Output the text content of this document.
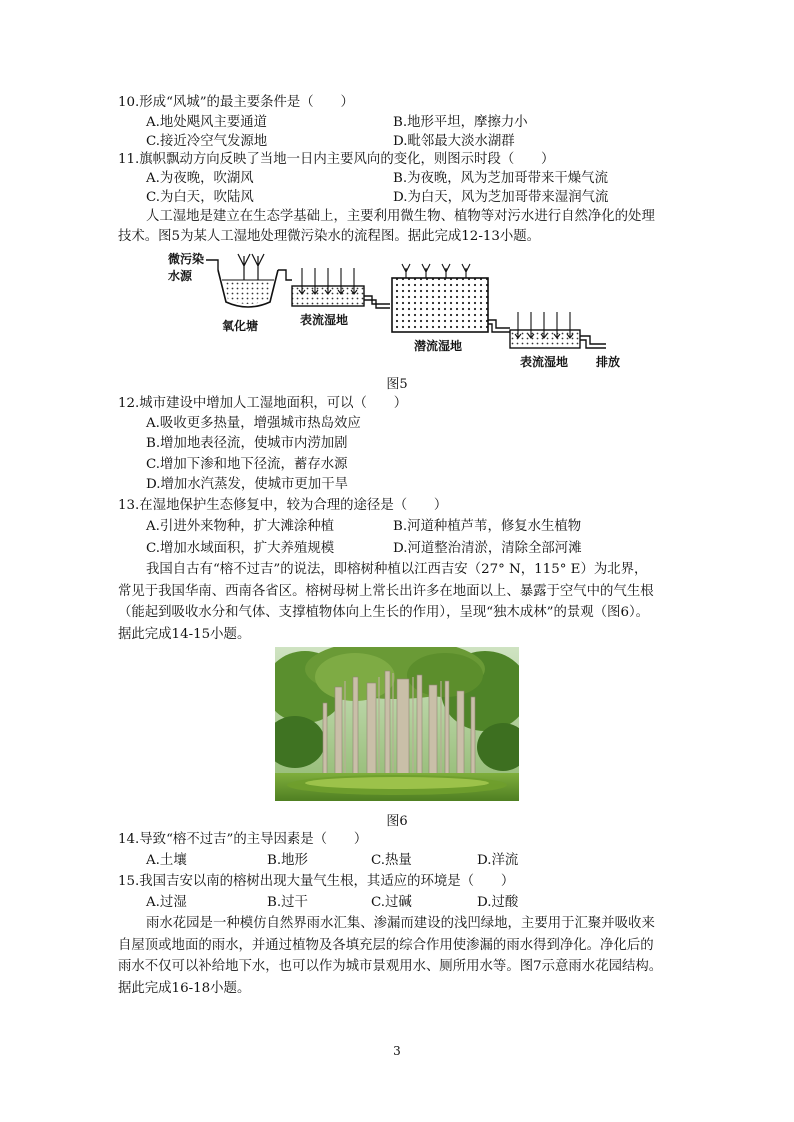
10.形成“风城”的最主要条件是（　　）
A.地处飓风主要通道	B.地形平坦，摩擦力小
C.接近冷空气发源地	D.毗邻最大淡水湖群
11.旗帜飘动方向反映了当地一日内主要风向的变化，则图示时段（　　）
A.为夜晚，吹湖风	B.为夜晚，风为芝加哥带来干燥气流
C.为白天，吹陆风	D.为白天，风为芝加哥带来湿润气流
人工湿地是建立在生态学基础上，主要利用微生物、植物等对污水进行自然净化的处理
技术。图5为某人工湿地处理微污染水的流程图。据此完成12-13小题。
微污染
水源
氧化塘	表流湿地
潜流湿地
表流湿地 排放
图5
12.城市建设中增加人工湿地面积，可以（　　）
A.吸收更多热量，增强城市热岛效应
B.增加地表径流，使城市内涝加剧
C.增加下渗和地下径流，蓄存水源
D.增加水汽蒸发，使城市更加干旱
13.在湿地保护生态修复中，较为合理的途径是（　　）
A.引进外来物种，扩大滩涂种植	B.河道种植芦苇，修复水生植物
C.增加水域面积，扩大养殖规模	D.河道整治清淤，清除全部河滩
我国自古有“榕不过吉”的说法，即榕树种植以江西吉安（27° N，115° E）为北界，
常见于我国华南、西南各省区。榕树母树上常长出许多在地面以上、暴露于空气中的气生根
（能起到吸收水分和气体、支撑植物体向上生长的作用），呈现“独木成林”的景观（图6）。
据此完成14-15小题。
图6
14.导致“榕不过吉”的主导因素是（　　）
A.土壤	B.地形	C.热量	D.洋流
15.我国吉安以南的榕树出现大量气生根，其适应的环境是（　　）
A.过湿	B.过干	C.过碱	D.过酸
雨水花园是一种模仿自然界雨水汇集、渗漏而建设的浅凹绿地，主要用于汇聚并吸收来
自屋顶或地面的雨水，并通过植物及各填充层的综合作用使渗漏的雨水得到净化。净化后的
雨水不仅可以补给地下水，也可以作为城市景观用水、厕所用水等。图7示意雨水花园结构。
据此完成16-18小题。
3
